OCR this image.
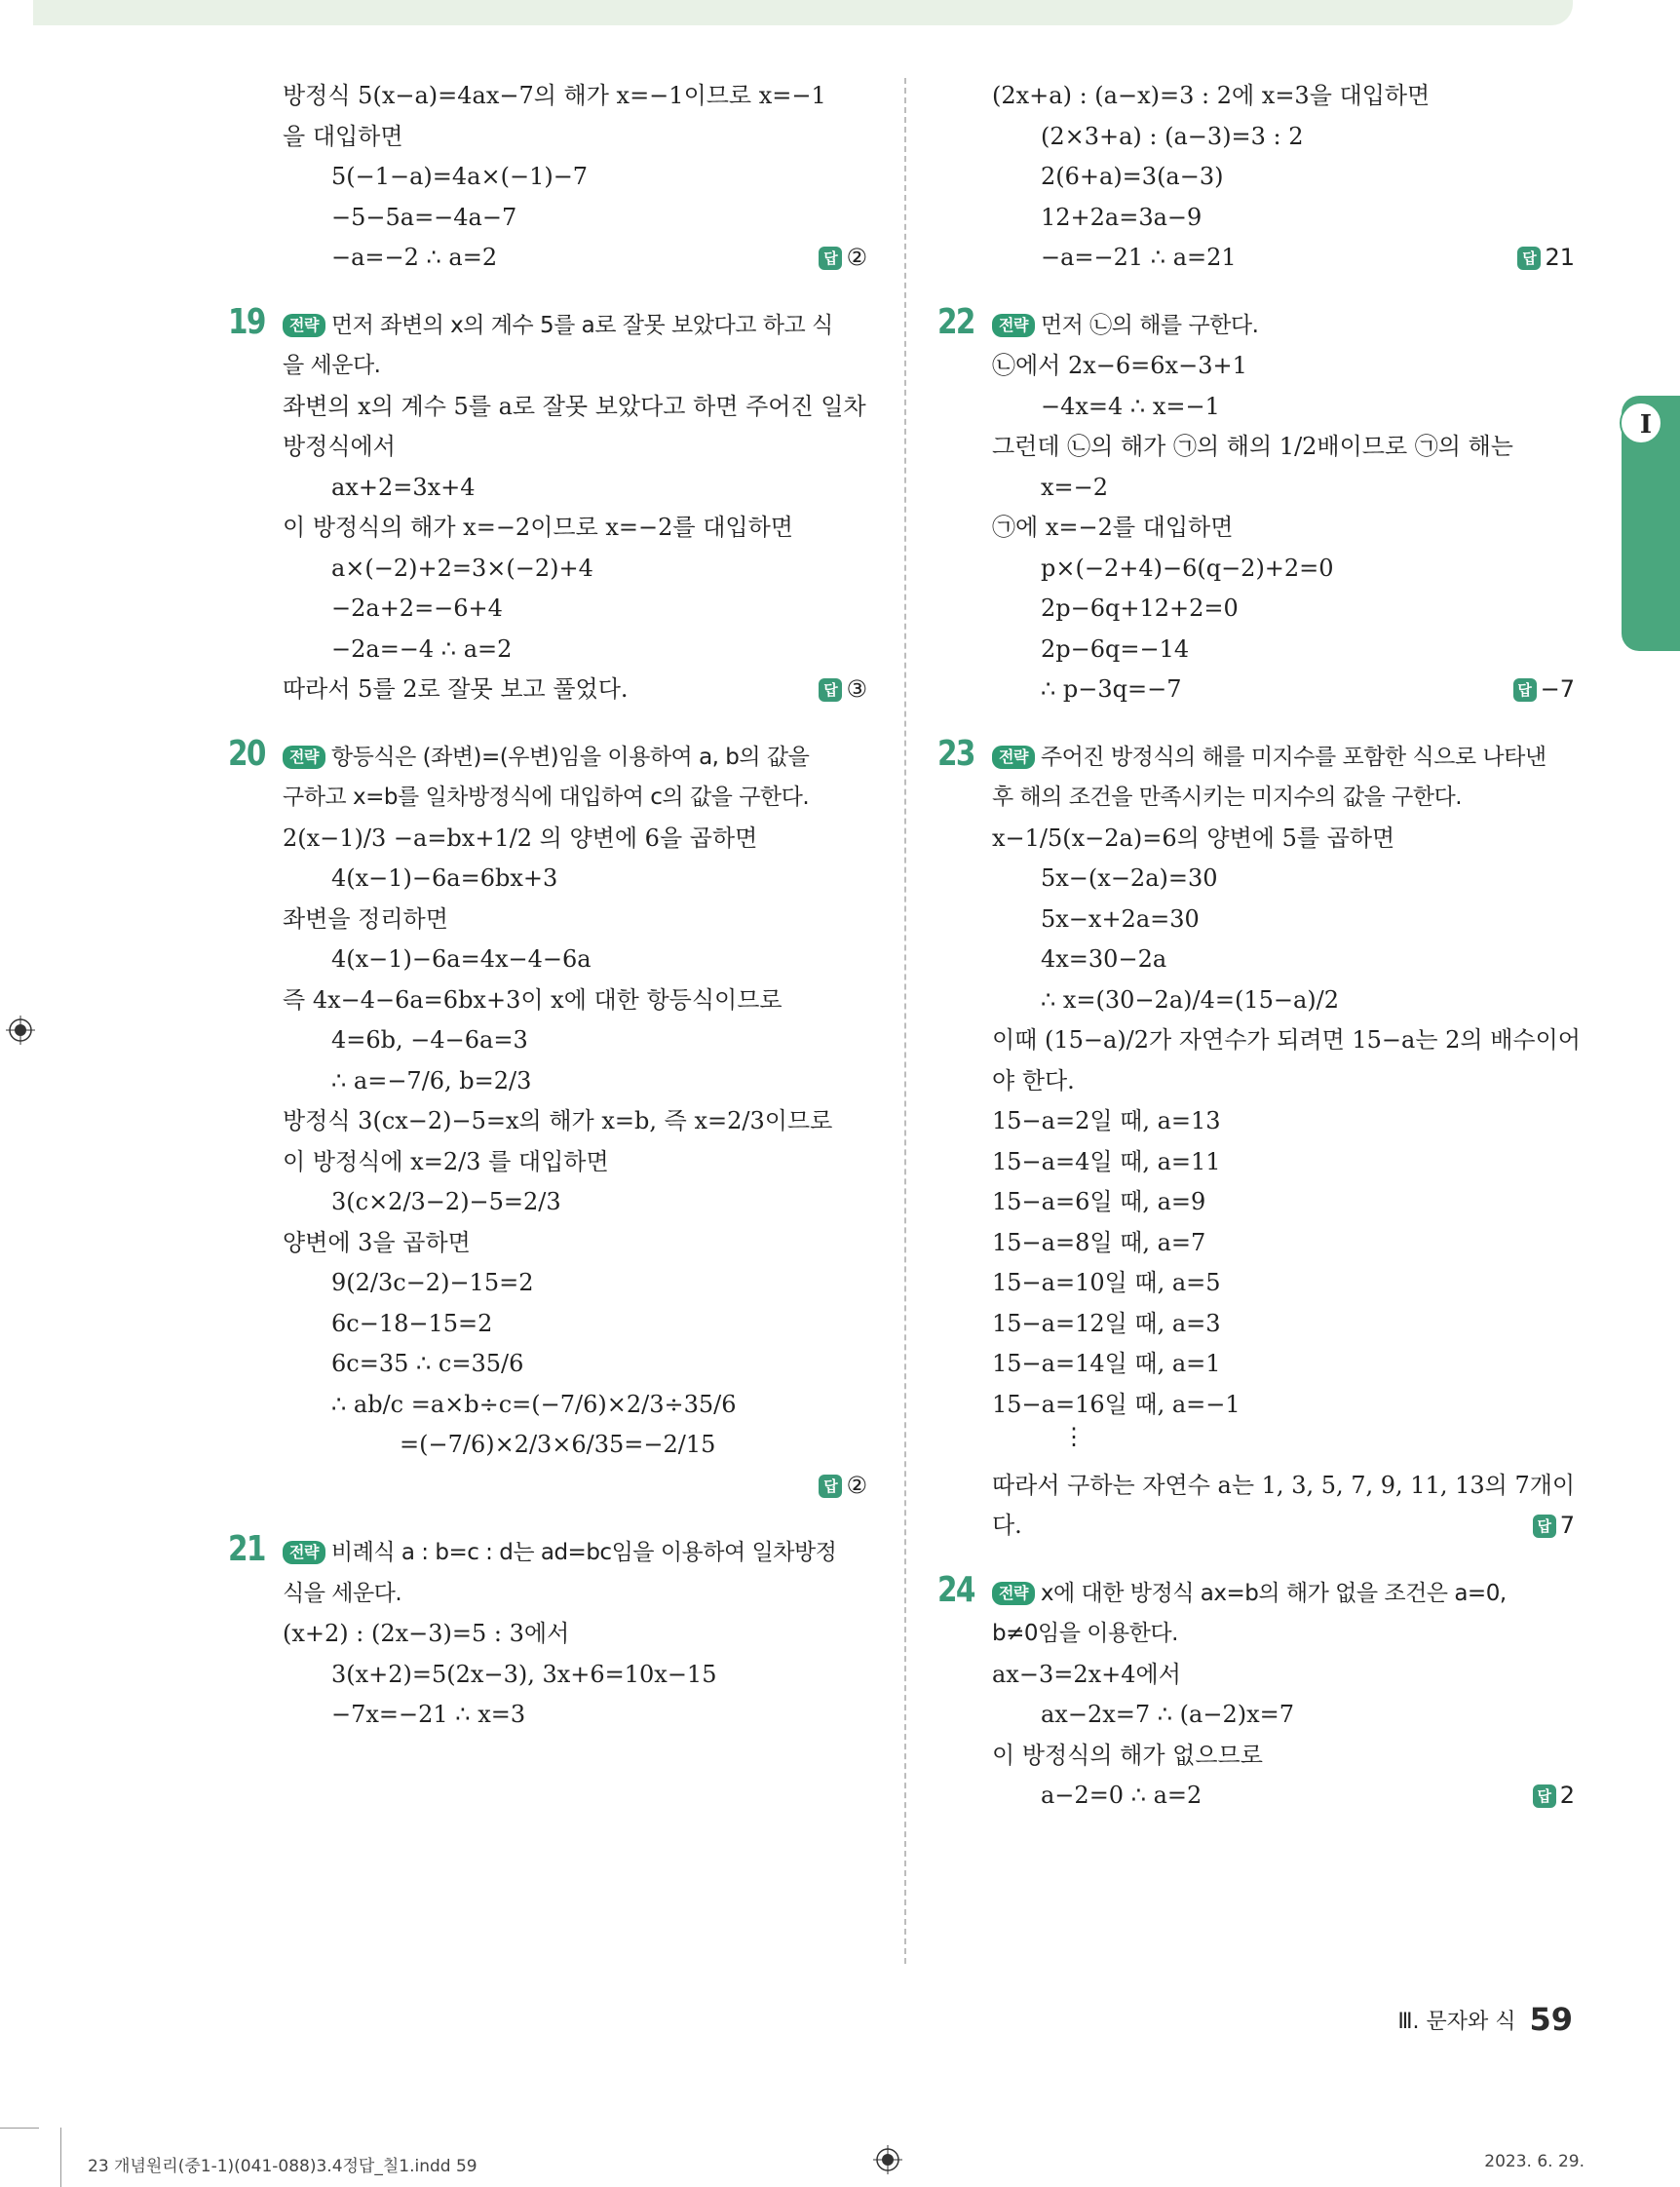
I
방정식 5(x−a)=4ax−7의 해가 x=−1이므로 x=−1
을 대입하면
5(−1−a)=4a×(−1)−7
−5−5a=−4a−7
−a=−2 ∴ a=2	답 ②
19	전략 먼저 좌변의 x의 계수 5를 a로 잘못 보았다고 하고 식
을 세운다.
좌변의 x의 계수 5를 a로 잘못 보았다고 하면 주어진 일차
방정식에서
ax+2=3x+4
이 방정식의 해가 x=−2이므로 x=−2를 대입하면
a×(−2)+2=3×(−2)+4
−2a+2=−6+4
−2a=−4 ∴ a=2
따라서 5를 2로 잘못 보고 풀었다.	답 ③
20	전략 항등식은 (좌변)=(우변)임을 이용하여 a, b의 값을
구하고 x=b를 일차방정식에 대입하여 c의 값을 구한다.
2(x−1)/3 −a=bx+1/2 의 양변에 6을 곱하면
4(x−1)−6a=6bx+3
좌변을 정리하면
4(x−1)−6a=4x−4−6a
즉 4x−4−6a=6bx+3이 x에 대한 항등식이므로
4=6b, −4−6a=3
∴ a=−7/6, b=2/3
방정식 3(cx−2)−5=x의 해가 x=b, 즉 x=2/3이므로
이 방정식에 x=2/3 를 대입하면
3(c×2/3−2)−5=2/3
양변에 3을 곱하면
9(2/3c−2)−15=2
6c−18−15=2
6c=35 ∴ c=35/6
∴ ab/c =a×b÷c=(−7/6)×2/3÷35/6
=(−7/6)×2/3×6/35=−2/15
답 ②
21	전략 비례식 a : b=c : d는 ad=bc임을 이용하여 일차방정
식을 세운다.
(x+2) : (2x−3)=5 : 3에서
3(x+2)=5(2x−3), 3x+6=10x−15
−7x=−21 ∴ x=3
(2x+a) : (a−x)=3 : 2에 x=3을 대입하면
(2×3+a) : (a−3)=3 : 2
2(6+a)=3(a−3)
12+2a=3a−9
−a=−21 ∴ a=21	답 21
22	전략 먼저 ㉡의 해를 구한다.
㉡에서 2x−6=6x−3+1
−4x=4 ∴ x=−1
그런데 ㉡의 해가 ㉠의 해의 1/2배이므로 ㉠의 해는
x=−2
㉠에 x=−2를 대입하면
p×(−2+4)−6(q−2)+2=0
2p−6q+12+2=0
2p−6q=−14
∴ p−3q=−7	답 −7
23	전략 주어진 방정식의 해를 미지수를 포함한 식으로 나타낸
후 해의 조건을 만족시키는 미지수의 값을 구한다.
x−1/5(x−2a)=6의 양변에 5를 곱하면
5x−(x−2a)=30
5x−x+2a=30
4x=30−2a
∴ x=(30−2a)/4=(15−a)/2
이때 (15−a)/2가 자연수가 되려면 15−a는 2의 배수이어
야 한다.
15−a=2일 때, a=13
15−a=4일 때, a=11
15−a=6일 때, a=9
15−a=8일 때, a=7
15−a=10일 때, a=5
15−a=12일 때, a=3
15−a=14일 때, a=1
15−a=16일 때, a=−1
⋮
따라서 구하는 자연수 a는 1, 3, 5, 7, 9, 11, 13의 7개이
다.	답 7
24	전략 x에 대한 방정식 ax=b의 해가 없을 조건은 a=0,
b≠0임을 이용한다.
ax−3=2x+4에서
ax−2x=7 ∴ (a−2)x=7
이 방정식의 해가 없으므로
a−2=0 ∴ a=2	답 2
Ⅲ. 문자와 식 59
23 개념원리(중1-1)(041-088)3.4정답_칠1.indd 59	2023. 6. 29.
